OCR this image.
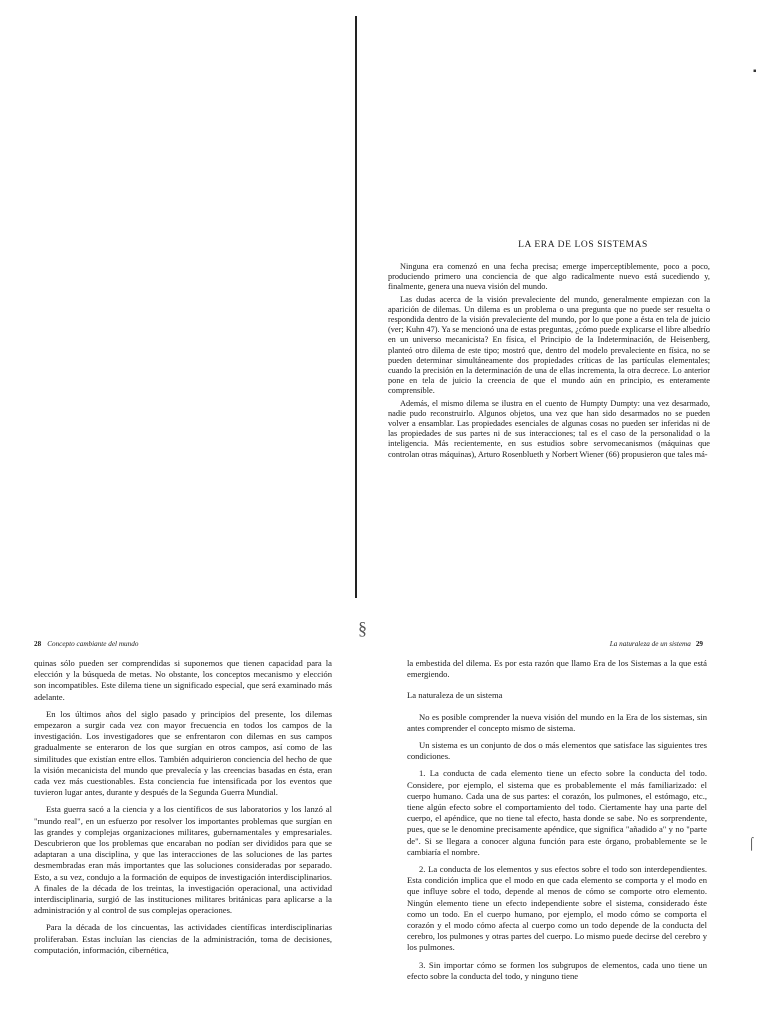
▪
LA ERA DE LOS SISTEMAS

Ninguna era comenzó en una fecha precisa; emerge imperceptiblemente, poco a poco, produciendo primero una conciencia de que algo radicalmente nuevo está sucediendo y, finalmente, genera una nueva visión del mundo.

Las dudas acerca de la visión prevaleciente del mundo, generalmente empiezan con la aparición de dilemas. Un dilema es un problema o una pregunta que no puede ser resuelta o respondida dentro de la visión prevaleciente del mundo, por lo que pone a ésta en tela de juicio (ver; Kuhn 47). Ya se mencionó una de estas preguntas, ¿cómo puede explicarse el libre albedrío en un universo mecanicista? En física, el Principio de la Indeterminación, de Heisenberg, planteó otro dilema de este tipo; mostró que, dentro del modelo prevaleciente en física, no se pueden determinar simultáneamente dos propiedades críticas de las partículas elementales; cuando la precisión en la determinación de una de ellas incrementa, la otra decrece. Lo anterior pone en tela de juicio la creencia de que el mundo aún en principio, es enteramente comprensible.

Además, el mismo dilema se ilustra en el cuento de Humpty Dumpty: una vez desarmado, nadie pudo reconstruirlo. Algunos objetos, una vez que han sido desarmados no se pueden volver a ensamblar. Las propiedades esenciales de algunas cosas no pueden ser inferidas ni de las propiedades de sus partes ni de sus interacciones; tal es el caso de la personalidad o la inteligencia. Más recientemente, en sus estudios sobre servomecanismos (máquinas que controlan otras máquinas), Arturo Rosenblueth y Norbert Wiener (66) propusieron que tales má-

§
28 Concepto cambiante del mundo

quinas sólo pueden ser comprendidas si suponemos que tienen capacidad para la elección y la búsqueda de metas. No obstante, los conceptos mecanismo y elección son incompatibles. Este dilema tiene un significado especial, que será examinado más adelante.

En los últimos años del siglo pasado y principios del presente, los dilemas empezaron a surgir cada vez con mayor frecuencia en todos los campos de la investigación. Los investigadores que se enfrentaron con dilemas en sus campos gradualmente se enteraron de los que surgían en otros campos, así como de las similitudes que existían entre ellos. También adquirieron conciencia del hecho de que la visión mecanicista del mundo que prevalecía y las creencias basadas en ésta, eran cada vez más cuestionables. Esta conciencia fue intensificada por los eventos que tuvieron lugar antes, durante y después de la Segunda Guerra Mundial.

Esta guerra sacó a la ciencia y a los científicos de sus laboratorios y los lanzó al "mundo real", en un esfuerzo por resolver los importantes problemas que surgían en las grandes y complejas organizaciones militares, gubernamentales y empresariales. Descubrieron que los problemas que encaraban no podían ser divididos para que se adaptaran a una disciplina, y que las interacciones de las soluciones de las partes desmembradas eran más importantes que las soluciones consideradas por separado. Esto, a su vez, condujo a la formación de equipos de investigación interdisciplinarios. A finales de la década de los treintas, la investigación operacional, una actividad interdisciplinaria, surgió de las instituciones militares británicas para aplicarse a la administración y al control de sus complejas operaciones.

Para la década de los cincuentas, las actividades científicas interdisciplinarias proliferaban. Estas incluían las ciencias de la administración, toma de decisiones, computación, información, cibernética,

La naturaleza de un sistema 29

la embestida del dilema. Es por esta razón que llamo Era de los Sistemas a la que está emergiendo.

La naturaleza de un sistema

No es posible comprender la nueva visión del mundo en la Era de los sistemas, sin antes comprender el concepto mismo de sistema.

Un sistema es un conjunto de dos o más elementos que satisface las siguientes tres condiciones.

1. La conducta de cada elemento tiene un efecto sobre la conducta del todo. Considere, por ejemplo, el sistema que es probablemente el más familiarizado: el cuerpo humano. Cada una de sus partes: el corazón, los pulmones, el estómago, etc., tiene algún efecto sobre el comportamiento del todo. Ciertamente hay una parte del cuerpo, el apéndice, que no tiene tal efecto, hasta donde se sabe. No es sorprendente, pues, que se le denomine precisamente apéndice, que significa "añadido a" y no "parte de". Si se llegara a conocer alguna función para este órgano, probablemente se le cambiaría el nombre.

2. La conducta de los elementos y sus efectos sobre el todo son interdependientes. Esta condición implica que el modo en que cada elemento se comporta y el modo en que influye sobre el todo, depende al menos de cómo se comporte otro elemento. Ningún elemento tiene un efecto independiente sobre el sistema, considerado éste como un todo. En el cuerpo humano, por ejemplo, el modo cómo se comporta el corazón y el modo cómo afecta al cuerpo como un todo depende de la conducta del cerebro, los pulmones y otras partes del cuerpo. Lo mismo puede decirse del cerebro y los pulmones.

3. Sin importar cómo se formen los subgrupos de elementos, cada uno tiene un efecto sobre la conducta del todo, y ninguno tiene

⌠
